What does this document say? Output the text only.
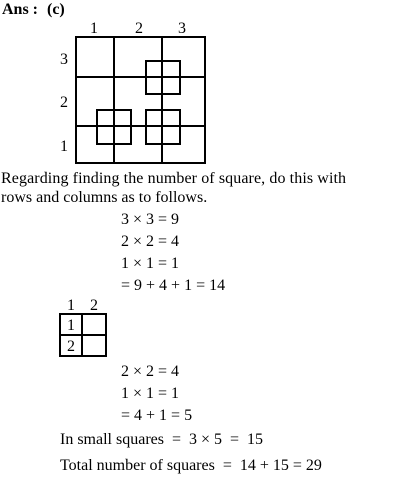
Ans : (c)
1 2 3
3
2
1
1 2
1
2
Regarding finding the number of square, do this with
rows and columns as to follows.
3 × 3 = 9
2 × 2 = 4
1 × 1 = 1
= 9 + 4 + 1 = 14
2 × 2 = 4
1 × 1 = 1
= 4 + 1 = 5
In small squares  =  3 × 5  =  15
Total number of squares  =  14 + 15 = 29
